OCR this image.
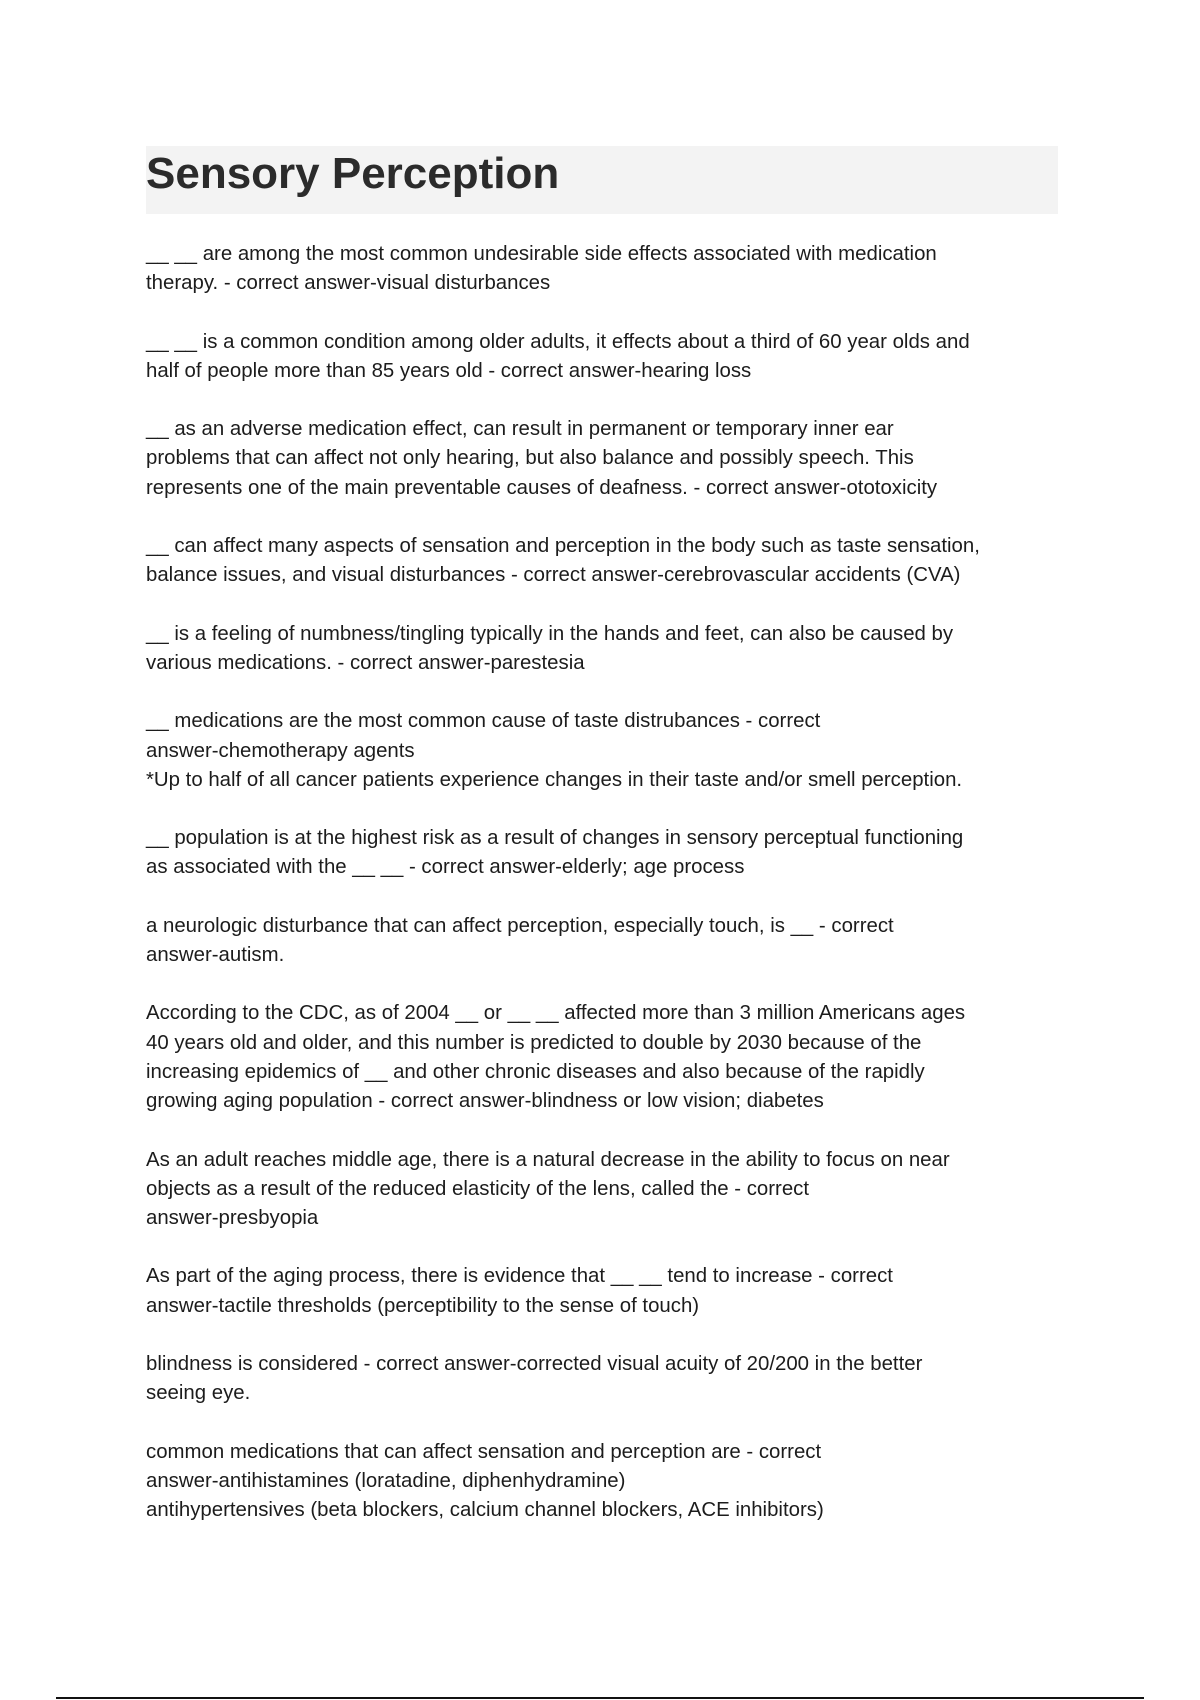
Sensory Perception

__ __ are among the most common undesirable side effects associated with medication

therapy. - correct answer-visual disturbances

__ __ is a common condition among older adults, it effects about a third of 60 year olds and

half of people more than 85 years old - correct answer-hearing loss

__ as an adverse medication effect, can result in permanent or temporary inner ear

problems that can affect not only hearing, but also balance and possibly speech. This

represents one of the main preventable causes of deafness. - correct answer-ototoxicity

__ can affect many aspects of sensation and perception in the body such as taste sensation,

balance issues, and visual disturbances - correct answer-cerebrovascular accidents (CVA)

__ is a feeling of numbness/tingling typically in the hands and feet, can also be caused by

various medications. - correct answer-parestesia

__ medications are the most common cause of taste distrubances - correct

answer-chemotherapy agents

*Up to half of all cancer patients experience changes in their taste and/or smell perception.

__ population is at the highest risk as a result of changes in sensory perceptual functioning

as associated with the __ __ - correct answer-elderly; age process

a neurologic disturbance that can affect perception, especially touch, is __ - correct

answer-autism.

According to the CDC, as of 2004 __ or __ __ affected more than 3 million Americans ages

40 years old and older, and this number is predicted to double by 2030 because of the

increasing epidemics of __ and other chronic diseases and also because of the rapidly

growing aging population - correct answer-blindness or low vision; diabetes

As an adult reaches middle age, there is a natural decrease in the ability to focus on near

objects as a result of the reduced elasticity of the lens, called the - correct

answer-presbyopia

As part of the aging process, there is evidence that __ __ tend to increase - correct

answer-tactile thresholds (perceptibility to the sense of touch)

blindness is considered - correct answer-corrected visual acuity of 20/200 in the better

seeing eye.

common medications that can affect sensation and perception are - correct

answer-antihistamines (loratadine, diphenhydramine)

antihypertensives (beta blockers, calcium channel blockers, ACE inhibitors)
